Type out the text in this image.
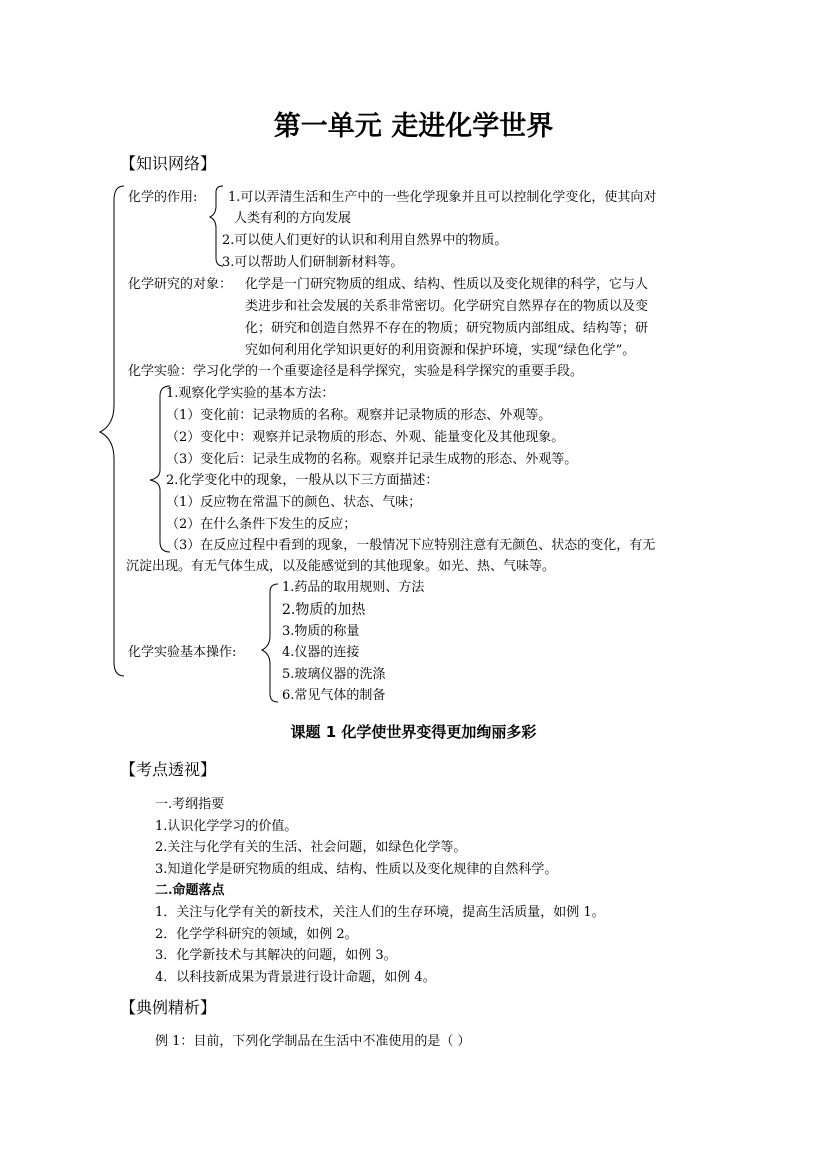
第一单元 走进化学世界
【知识网络】
化学的作用: 1.可以弄清生活和生产中的一些化学现象并且可以控制化学变化，使其向对
人类有利的方向发展
2.可以使人们更好的认识和利用自然界中的物质。
3.可以帮助人们研制新材料等。
化学研究的对象： 化学是一门研究物质的组成、结构、性质以及变化规律的科学，它与人
类进步和社会发展的关系非常密切。化学研究自然界存在的物质以及变
化；研究和创造自然界不存在的物质；研究物质内部组成、结构等；研
究如何利用化学知识更好的利用资源和保护环境，实现“绿色化学”。
化学实验：学习化学的一个重要途径是科学探究，实验是科学探究的重要手段。
1.观察化学实验的基本方法：
（1）变化前：记录物质的名称。观察并记录物质的形态、外观等。
（2）变化中：观察并记录物质的形态、外观、能量变化及其他现象。
（3）变化后：记录生成物的名称。观察并记录生成物的形态、外观等。
2.化学变化中的现象，一般从以下三方面描述：
（1）反应物在常温下的颜色、状态、气味；
（2）在什么条件下发生的反应；
（3）在反应过程中看到的现象，一般情况下应特别注意有无颜色、状态的变化，有无
沉淀出现。有无气体生成，以及能感觉到的其他现象。如光、热、气味等。
化学实验基本操作:
1.药品的取用规则、方法
2.物质的加热
3.物质的称量
4.仪器的连接
5.玻璃仪器的洗涤
6.常见气体的制备
课题 1 化学使世界变得更加绚丽多彩
【考点透视】
一.考纲指要
1.认识化学学习的价值。
2.关注与化学有关的生活、社会问题，如绿色化学等。
3.知道化学是研究物质的组成、结构、性质以及变化规律的自然科学。
二.命题落点
1．关注与化学有关的新技术，关注人们的生存环境，提高生活质量，如例 1。
2．化学学科研究的领域，如例 2。
3．化学新技术与其解决的问题，如例 3。
4．以科技新成果为背景进行设计命题，如例 4。
【典例精析】
例 1：目前，下列化学制品在生活中不准使用的是（ ）
